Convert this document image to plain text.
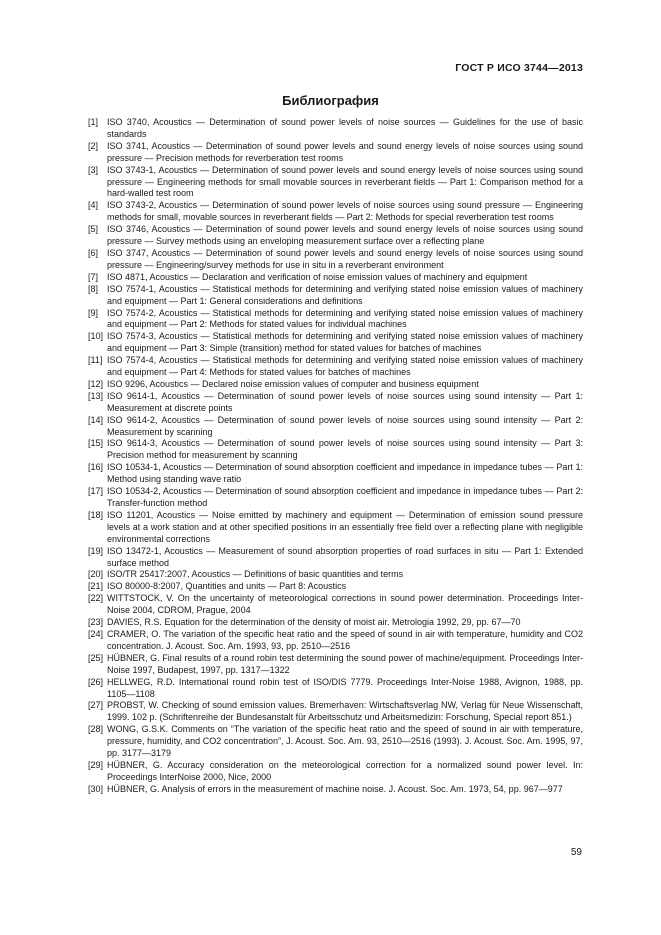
ГОСТ Р ИСО 3744—2013
Библиография
[1] ISO 3740, Acoustics — Determination of sound power levels of noise sources — Guidelines for the use of basic standards
[2] ISO 3741, Acoustics — Determination of sound power levels and sound energy levels of noise sources using sound pressure — Precision methods for reverberation test rooms
[3] ISO 3743-1, Acoustics — Determination of sound power levels and sound energy levels of noise sources using sound pressure — Engineering methods for small movable sources in reverberant fields — Part 1: Comparison method for a hard-walled test room
[4] ISO 3743-2, Acoustics — Determination of sound power levels of noise sources using sound pressure — Engineering methods for small, movable sources in reverberant fields — Part 2: Methods for special reverberation test rooms
[5] ISO 3746, Acoustics — Determination of sound power levels and sound energy levels of noise sources using sound pressure — Survey methods using an enveloping measurement surface over a reflecting plane
[6] ISO 3747, Acoustics — Determination of sound power levels and sound energy levels of noise sources using sound pressure — Engineering/survey methods for use in situ in a reverberant environment
[7] ISO 4871, Acoustics — Declaration and verification of noise emission values of machinery and equipment
[8] ISO 7574-1, Acoustics — Statistical methods for determining and verifying stated noise emission values of machinery and equipment — Part 1: General considerations and definitions
[9] ISO 7574-2, Acoustics — Statistical methods for determining and verifying stated noise emission values of machinery and equipment — Part 2: Methods for stated values for individual machines
[10] ISO 7574-3, Acoustics — Statistical methods for determining and verifying stated noise emission values of machinery and equipment — Part 3: Simple (transition) method for stated values for batches of machines
[11] ISO 7574-4, Acoustics — Statistical methods for determining and verifying stated noise emission values of machinery and equipment — Part 4: Methods for stated values for batches of machines
[12] ISO 9296, Acoustics — Declared noise emission values of computer and business equipment
[13] ISO 9614-1, Acoustics — Determination of sound power levels of noise sources using sound intensity — Part 1: Measurement at discrete points
[14] ISO 9614-2, Acoustics — Determination of sound power levels of noise sources using sound intensity — Part 2: Measurement by scanning
[15] ISO 9614-3, Acoustics — Determination of sound power levels of noise sources using sound intensity — Part 3: Precision method for measurement by scanning
[16] ISO 10534-1, Acoustics — Determination of sound absorption coefficient and impedance in impedance tubes — Part 1: Method using standing wave ratio
[17] ISO 10534-2, Acoustics — Determination of sound absorption coefficient and impedance in impedance tubes — Part 2: Transfer-function method
[18] ISO 11201, Acoustics — Noise emitted by machinery and equipment — Determination of emission sound pressure levels at a work station and at other specified positions in an essentially free field over a reflecting plane with negligible environmental corrections
[19] ISO 13472-1, Acoustics — Measurement of sound absorption properties of road surfaces in situ — Part 1: Extended surface method
[20] ISO/TR 25417:2007, Acoustics — Definitions of basic quantities and terms
[21] ISO 80000-8:2007, Quantities and units — Part 8: Acoustics
[22] WITTSTOCK, V. On the uncertainty of meteorological corrections in sound power determination. Proceedings Inter-Noise 2004, CDROM, Prague, 2004
[23] DAVIES, R.S. Equation for the determination of the density of moist air. Metrologia 1992, 29, pp. 67—70
[24] CRAMER, O. The variation of the specific heat ratio and the speed of sound in air with temperature, humidity and CO2 concentration. J. Acoust. Soc. Am. 1993, 93, pp. 2510—2516
[25] HÜBNER, G. Final results of a round robin test determining the sound power of machine/equipment. Proceedings Inter-Noise 1997, Budapest, 1997, pp. 1317—1322
[26] HELLWEG, R.D. International round robin test of ISO/DIS 7779. Proceedings Inter-Noise 1988, Avignon, 1988, pp. 1105—1108
[27] PROBST, W. Checking of sound emission values. Bremerhaven: Wirtschaftsverlag NW, Verlag für Neue Wissenschaft, 1999. 102 p. (Schriftenreihe der Bundesanstalt für Arbeitsschutz und Arbeitsmedizin: Forschung, Special report 851.)
[28] WONG, G.S.K. Comments on “The variation of the specific heat ratio and the speed of sound in air with temperature, pressure, humidity, and CO2 concentration”, J. Acoust. Soc. Am. 93, 2510—2516 (1993). J. Acoust. Soc. Am. 1995, 97, pp. 3177—3179
[29] HÜBNER, G. Accuracy consideration on the meteorological correction for a normalized sound power level. In: Proceedings InterNoise 2000, Nice, 2000
[30] HÜBNER, G. Analysis of errors in the measurement of machine noise. J. Acoust. Soc. Am. 1973, 54, pp. 967—977
59
